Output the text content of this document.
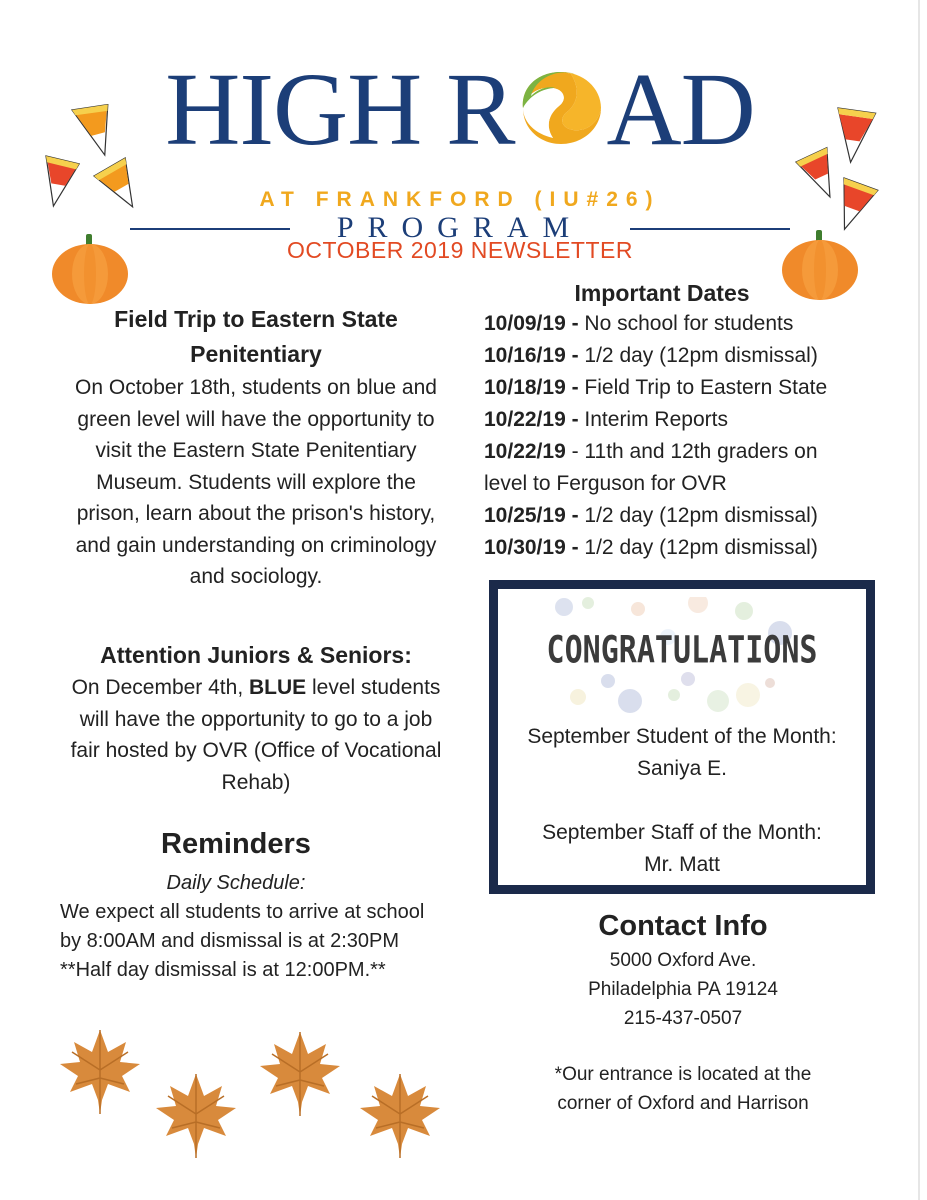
HIGH R AD
PROGRAM
AT FRANKFORD (IU#26)
OCTOBER 2019 NEWSLETTER
Field Trip to Eastern State
Penitentiary
On October 18th, students on blue and green level will have the opportunity to visit the Eastern State Penitentiary Museum. Students will explore the prison, learn about the prison's history, and gain understanding on criminology and sociology.
Attention Juniors & Seniors:
On December 4th, BLUE level students will have the opportunity to go to a job fair hosted by OVR (Office of Vocational Rehab)
Reminders
Daily Schedule:
We expect all students to arrive at school by 8:00AM and dismissal is at 2:30PM
**Half day dismissal is at 12:00PM.**
Important Dates
10/09/19 - No school for students
10/16/19 - 1/2 day (12pm dismissal)
10/18/19 - Field Trip to Eastern State
10/22/19 - Interim Reports
10/22/19 - 11th and 12th graders on level to Ferguson for OVR
10/25/19 - 1/2 day (12pm dismissal)
10/30/19 - 1/2 day (12pm dismissal)
CONGRATULATIONS
September Student of the Month:
Saniya E.
September Staff of the Month:
Mr. Matt
Contact Info
5000 Oxford Ave.
Philadelphia PA 19124
215-437-0507
*Our entrance is located at the corner of Oxford and Harrison
